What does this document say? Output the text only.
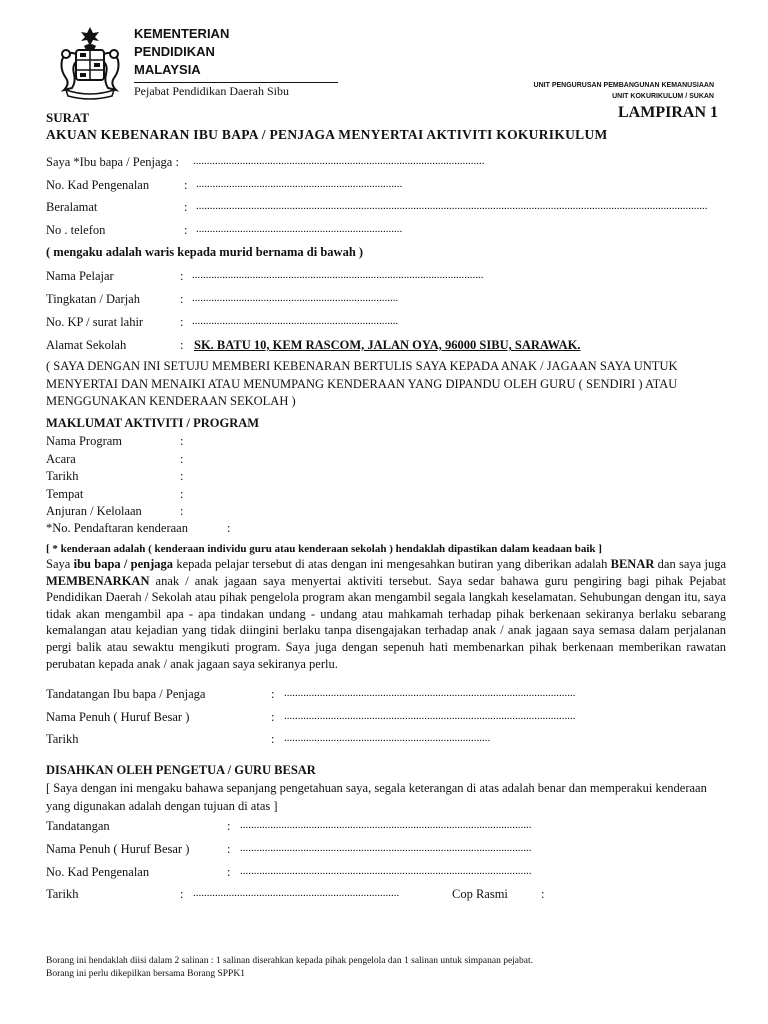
KEMENTERIAN
PENDIDIKAN
MALAYSIA
Pejabat Pendidikan Daerah Sibu	UNIT PENGURUSAN PEMBANGUNAN KEMANUSIAAN
UNIT KOKURIKULUM / SUKAN
LAMPIRAN 1
SURAT
AKUAN KEBENARAN IBU BAPA / PENJAGA MENYERTAI AKTIVITI KOKURIKULUM
Saya *Ibu bapa / Penjaga : ..........................................................................................................
No. Kad Pengenalan	: ...........................................................................
Beralamat	: ..........................................................................................................................................................................................
No . telefon	: ...........................................................................
( mengaku adalah waris kepada murid bernama di bawah )
Nama Pelajar	: ..........................................................................................................
Tingkatan / Darjah	: ...........................................................................
No. KP / surat lahir	: ...........................................................................
Alamat Sekolah	: SK. BATU 10, KEM RASCOM, JALAN OYA, 96000 SIBU, SARAWAK.
( SAYA DENGAN INI SETUJU MEMBERI KEBENARAN BERTULIS SAYA KEPADA ANAK / JAGAAN SAYA UNTUK MENYERTAI DAN MENAIKI ATAU MENUMPANG KENDERAAN YANG DIPANDU OLEH GURU ( SENDIRI ) ATAU MENGGUNAKAN KENDERAAN SEKOLAH )
MAKLUMAT AKTIVITI / PROGRAM
Nama Program	:
Acara	:
Tarikh	:
Tempat	:
Anjuran / Kelolaan	:
*No. Pendaftaran kenderaan	:
[ * kenderaan adalah ( kenderaan individu guru atau kenderaan sekolah ) hendaklah dipastikan dalam keadaan baik ]
Saya ibu bapa / penjaga kepada pelajar tersebut di atas dengan ini mengesahkan butiran yang diberikan adalah BENAR dan saya juga MEMBENARKAN anak / anak jagaan saya menyertai aktiviti tersebut. Saya sedar bahawa guru pengiring bagi pihak Pejabat Pendidikan Daerah / Sekolah atau pihak pengelola program akan mengambil segala langkah keselamatan. Sehubungan dengan itu, saya tidak akan mengambil apa - apa tindakan undang - undang atau mahkamah terhadap pihak berkenaan sekiranya berlaku sebarang kemalangan atau kejadian yang tidak diingini berlaku tanpa disengajakan terhadap anak / anak jagaan saya semasa dalam perjalanan pergi balik atau sewaktu mengikuti program. Saya juga dengan sepenuh hati membenarkan pihak berkenaan memberikan rawatan perubatan kepada anak / anak jagaan saya sekiranya perlu.
Tandatangan Ibu bapa / Penjaga	: ..........................................................................................................
Nama Penuh ( Huruf Besar )	: ..........................................................................................................
Tarikh	: ...........................................................................
DISAHKAN OLEH PENGETUA / GURU BESAR
[ Saya dengan ini mengaku bahawa sepanjang pengetahuan saya, segala keterangan di atas adalah benar dan memperakui kenderaan yang digunakan adalah dengan tujuan di atas ]
Tandatangan	: ..........................................................................................................
Nama Penuh ( Huruf Besar )	: ..........................................................................................................
No. Kad Pengenalan	: ..........................................................................................................
Tarikh	: ...........................................................................	Cop Rasmi	:
Borang ini hendaklah diisi dalam 2 salinan : 1 salinan diserahkan kepada pihak pengelola dan 1 salinan untuk simpanan pejabat.
Borang ini perlu dikepilkan bersama Borang SPPK1
